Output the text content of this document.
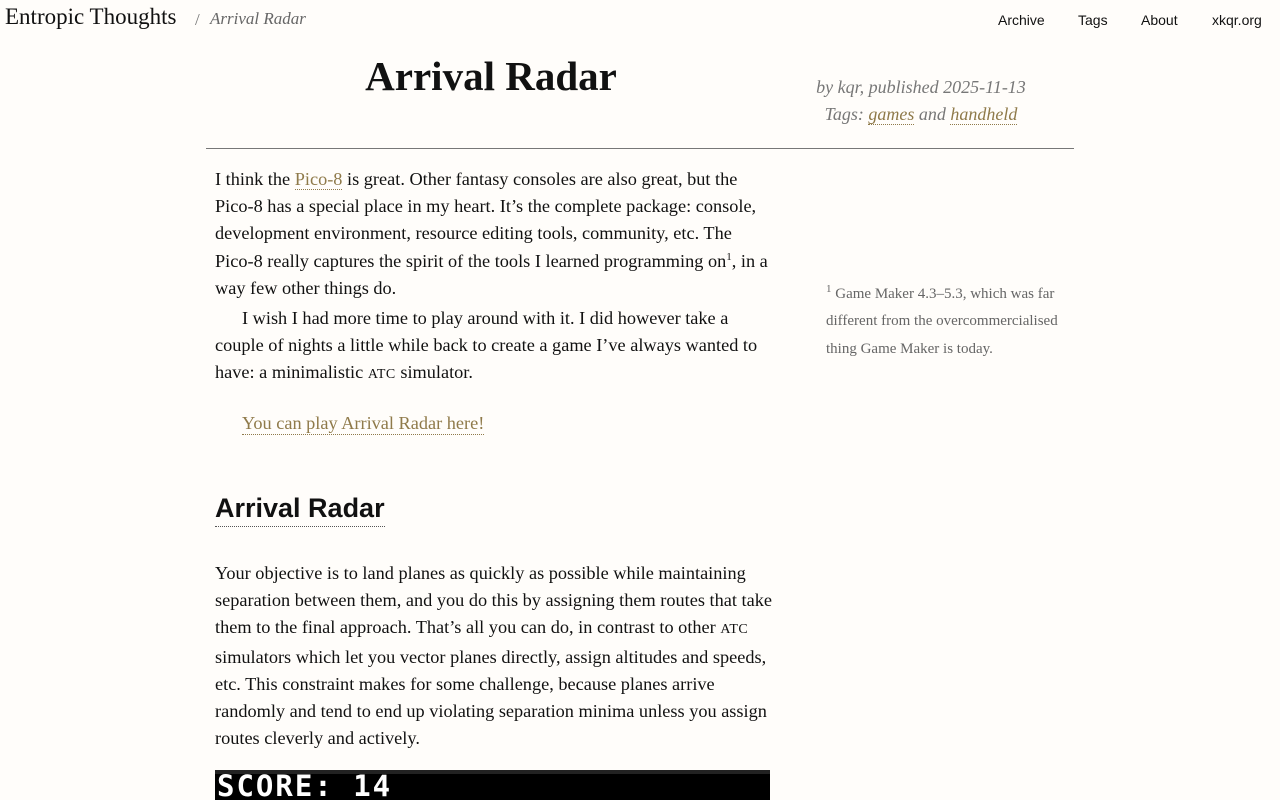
Entropic Thoughts / Arrival Radar	Archive Tags About xkqr.org
Arrival Radar	by kqr, published 2025-11-13
Tags: games and handheld

I think the Pico-8 is great. Other fantasy consoles are also great, but the Pico-8 has a special place in my heart. It’s the complete package: console, development environment, resource editing tools, community, etc. The Pico-8 really captures the spirit of the tools I learned programming $on^1$, in a way few other things do.

I wish I had more time to play around with it. I did however take a couple of nights a little while back to create a game I’ve always wanted to have: a minimalistic ATC simulator.

You can play Arrival Radar here!
Arrival Radar

Your objective is to land planes as quickly as possible while maintaining separation between them, and you do this by assigning them routes that take them to the final approach. That’s all you can do, in contrast to other ATC simulators which let you vector planes directly, assign altitudes and speeds, etc. This constraint makes for some challenge, because planes arrive randomly and tend to end up violating separation minima unless you assign routes cleverly and actively.

$^1$ Game Maker 4.3–5.3, which was far different from the overcommercialised thing Game Maker is today.
SCORE: 14
